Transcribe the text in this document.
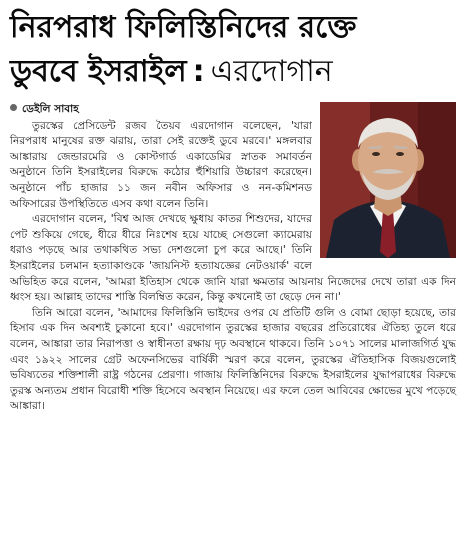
নিরপরাধ ফিলিস্তিনিদের রক্তে
ডুববে ইসরাইল : এরদোগান
ডেইলি সাবাহ

তুরস্কের প্রেসিডেন্ট রজব তৈয়ব এরদোগান বলেছেন, 'যারা নিরপরাধ মানুষের রক্ত ঝরায়, তারা সেই রক্তেই ডুবে মরবে।' মঙ্গলবার আঙ্কারায় জেন্ডারমেরি ও কোস্টগার্ড একাডেমির স্নাতক সমাবর্তন অনুষ্ঠানে তিনি ইসরাইলের বিরুদ্ধে কঠোর হুঁশিয়ারি উচ্চারণ করেছেন। অনুষ্ঠানে পাঁচ হাজার ১১ জন নবীন অফিসার ও নন-কমিশনড অফিসারের উপস্থিতিতে এসব কথা বলেন তিনি।

এরদোগান বলেন, 'বিশ্ব আজ দেখছে ক্ষুধায় কাতর শিশুদের, যাদের পেট শুকিয়ে গেছে, ধীরে ধীরে নিঃশেষ হয়ে যাচ্ছে সেগুলো ক্যামেরায় ধরাও পড়ছে আর তথাকথিত সভ্য দেশগুলো চুপ করে আছে।' তিনি ইসরাইলের চলমান হত্যাকাণ্ডকে 'জায়নিস্ট হত্যাযজ্ঞের নেটওয়ার্ক' বলে অভিহিত করে বলেন, 'আমরা ইতিহাস থেকে জানি যারা ক্ষমতার আয়নায় নিজেদের দেখে তারা এক দিন ধ্বংস হয়। আল্লাহ তাদের শাস্তি বিলম্বিত করেন, কিন্তু কখনোই তা ছেড়ে দেন না।'

তিনি আরো বলেন, 'আমাদের ফিলিস্তিনি ভাইদের ওপর যে প্রতিটি গুলি ও বোমা ছোড়া হয়েছে, তার হিসাব এক দিন অবশ্যই চুকানো হবে।' এরদোগান তুরস্কের হাজার বছরের প্রতিরোধের ঐতিহ্য তুলে ধরে বলেন, আঙ্কারা তার নিরাপত্তা ও স্বাধীনতা রক্ষায় দৃঢ় অবস্থানে থাকবে। তিনি ১০৭১ সালের মালাজগির্ত যুদ্ধ এবং ১৯২২ সালের গ্রেট অফেনসিভের বার্ষিকী স্মরণ করে বলেন, তুরস্কের ঐতিহাসিক বিজয়গুলোই ভবিষ্যতের শক্তিশালী রাষ্ট্র গঠনের প্রেরণা। গাজায় ফিলিস্তিনিদের বিরুদ্ধে ইসরাইলের যুদ্ধাপরাধের বিরুদ্ধে তুরস্ক অন্যতম প্রধান বিরোধী শক্তি হিসেবে অবস্থান নিয়েছে। এর ফলে তেল আবিবের ক্ষোভের মুখে পড়েছে আঙ্কারা।
